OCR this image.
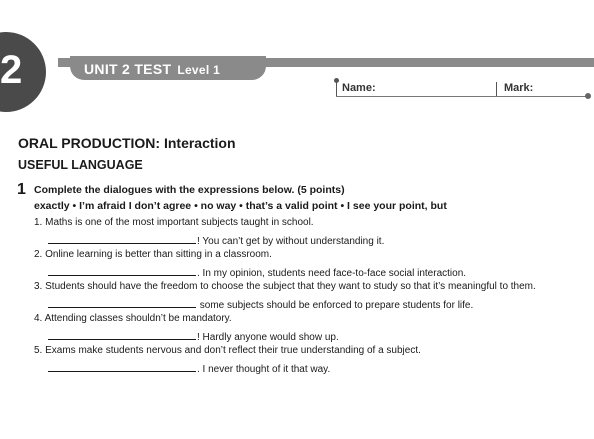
2	UNIT 2 TEST Level 1
Name:	Mark:
ORAL PRODUCTION: Interaction
USEFUL LANGUAGE
1 Complete the dialogues with the expressions below. (5 points)
exactly • I’m afraid I don’t agree • no way • that’s a valid point • I see your point, but
1. Maths is one of the most important subjects taught in school.
! You can’t get by without understanding it.
2. Online learning is better than sitting in a classroom.
. In my opinion, students need face-to-face social interaction.
3. Students should have the freedom to choose the subject that they want to study so that it’s meaningful to them.
some subjects should be enforced to prepare students for life.
4. Attending classes shouldn’t be mandatory.
! Hardly anyone would show up.
5. Exams make students nervous and don’t reflect their true understanding of a subject.
. I never thought of it that way.
